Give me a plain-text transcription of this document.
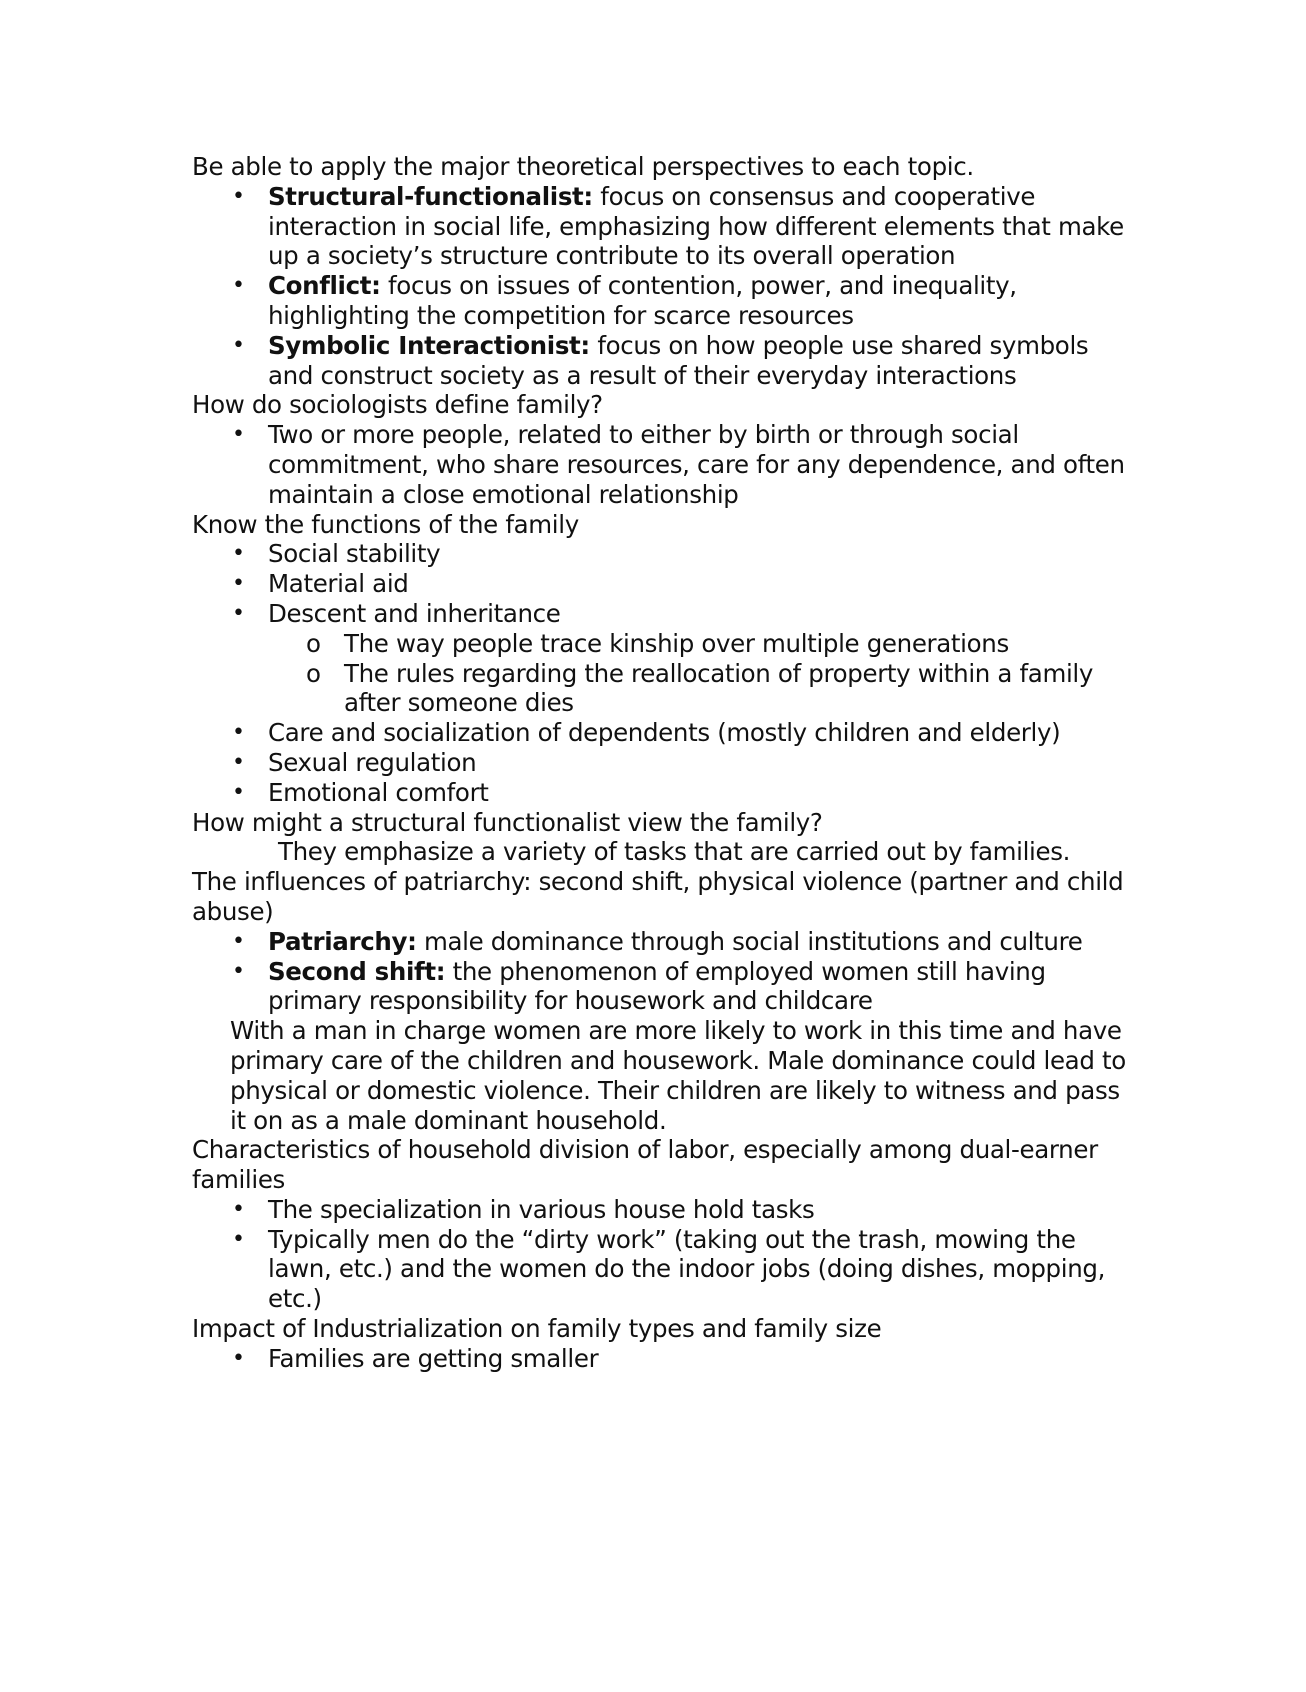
Be able to apply the major theoretical perspectives to each topic.

• Structural-functionalist: focus on consensus and cooperative interaction in social life, emphasizing how different elements that make up a society’s structure contribute to its overall operation
• Conflict: focus on issues of contention, power, and inequality, highlighting the competition for scarce resources
• Symbolic Interactionist: focus on how people use shared symbols and construct society as a result of their everyday interactions

How do sociologists define family?

• Two or more people, related to either by birth or through social commitment, who share resources, care for any dependence, and often maintain a close emotional relationship

Know the functions of the family

• Social stability
• Material aid
• Descent and inheritance
o The way people trace kinship over multiple generations
o The rules regarding the reallocation of property within a family after someone dies
• Care and socialization of dependents (mostly children and elderly)
• Sexual regulation
• Emotional comfort

How might a structural functionalist view the family?

They emphasize a variety of tasks that are carried out by families.

The influences of patriarchy: second shift, physical violence (partner and child abuse)

• Patriarchy: male dominance through social institutions and culture
• Second shift: the phenomenon of employed women still having primary responsibility for housework and childcare

With a man in charge women are more likely to work in this time and have primary care of the children and housework. Male dominance could lead to physical or domestic violence. Their children are likely to witness and pass it on as a male dominant household.

Characteristics of household division of labor, especially among dual-earner families

• The specialization in various house hold tasks
• Typically men do the “dirty work” (taking out the trash, mowing the lawn, etc.) and the women do the indoor jobs (doing dishes, mopping, etc.)

Impact of Industrialization on family types and family size

• Families are getting smaller
